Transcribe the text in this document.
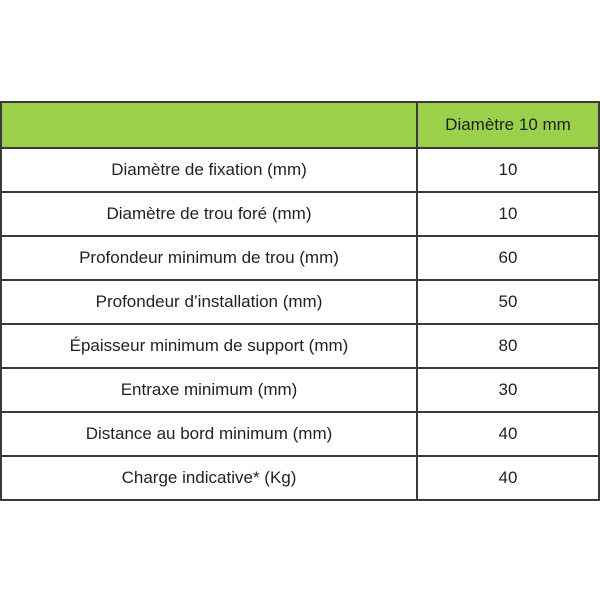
	Diamètre 10 mm
Diamètre de fixation (mm)	10
Diamètre de trou foré (mm)	10
Profondeur minimum de trou (mm)	60
Profondeur d’installation (mm)	50
Épaisseur minimum de support (mm)	80
Entraxe minimum (mm)	30
Distance au bord minimum (mm)	40
Charge indicative* (Kg)	40
